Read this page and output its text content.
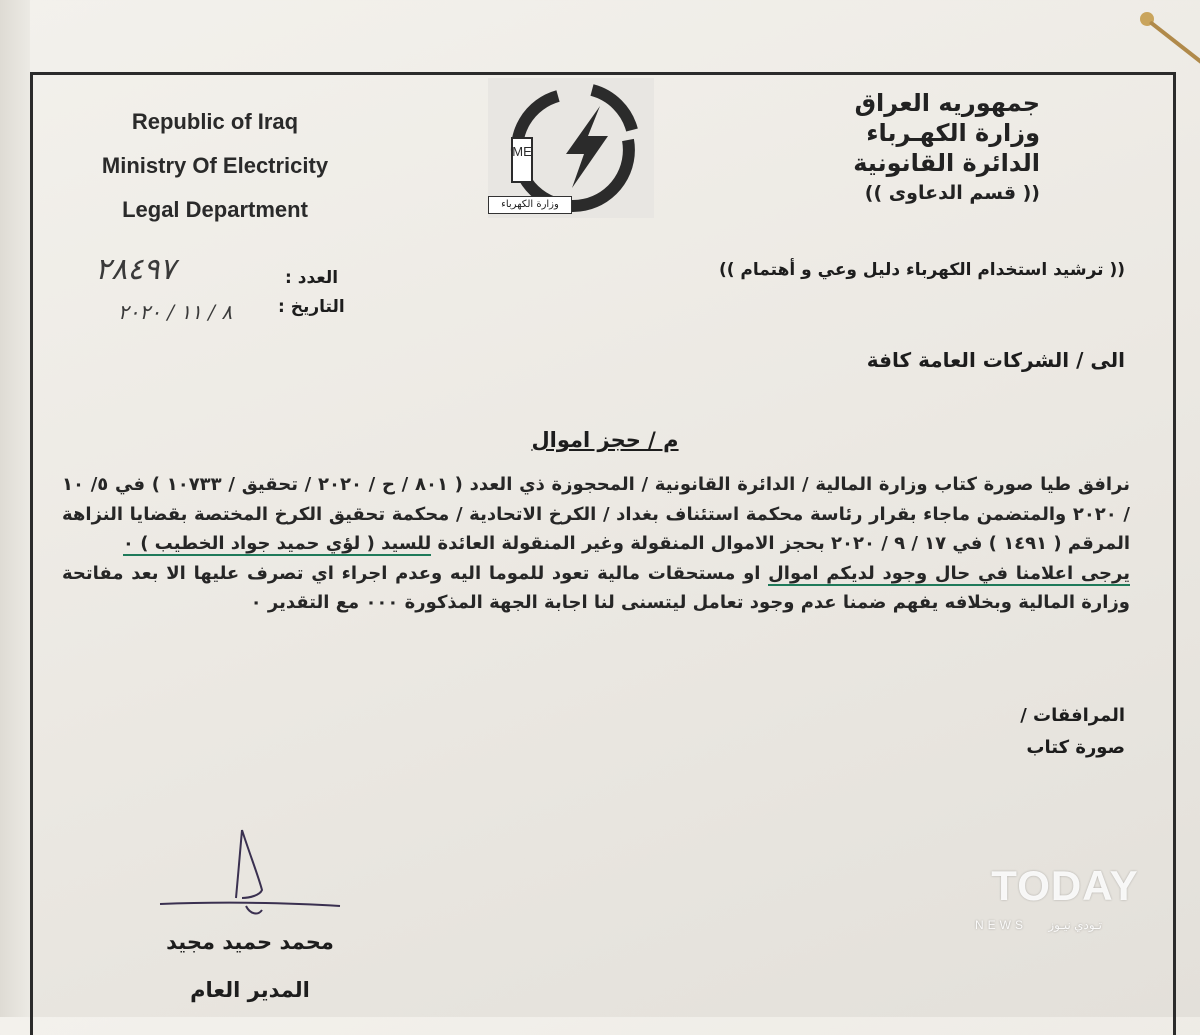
Republic of Iraq
Ministry Of Electricity
Legal Department
ME
وزارة الكهرباء
جمهوريه العراق
وزارة الكهـرباء
الدائرة القانونية
(( قسم الدعاوى ))
(( ترشيد استخدام الكهرباء دليل وعي و أهتمام ))
العدد :
٢٨٤٩٧
التاريخ :
٨ / ١١ / ٢٠٢٠
الى / الشركات العامة كافة
م / حجز اموال

نرافق طيا صورة كتاب وزارة المالية / الدائرة القانونية / المحجوزة ذي العدد ( ٨٠١ / ح / ٢٠٢٠ / تحقيق / ١٠٧٣٣ ) في ٥/ ١٠ / ٢٠٢٠ والمتضمن ماجاء بقرار رئاسة محكمة استئناف بغداد / الكرخ الاتحادية / محكمة تحقيق الكرخ المختصة بقضايا النزاهة المرقم ( ١٤٩١ ) في ١٧ / ٩ / ٢٠٢٠ بحجز الاموال المنقولة وغير المنقولة العائدة للسيد ( لؤي حميد جواد الخطيب ) ٠

يرجى اعلامنا في حال وجود لديكم اموال او مستحقات مالية تعود للموما اليه وعدم اجراء اي تصرف عليها الا بعد مفاتحة وزارة المالية وبخلافه يفهم ضمنا عدم وجود تعامل ليتسنى لنا اجابة الجهة المذكورة ٠٠٠ مع التقدير ٠

المرافقات /
صورة كتاب
محمد حميد مجيد
المدير العام
TODAY
NEWS تـودي نيـوز
